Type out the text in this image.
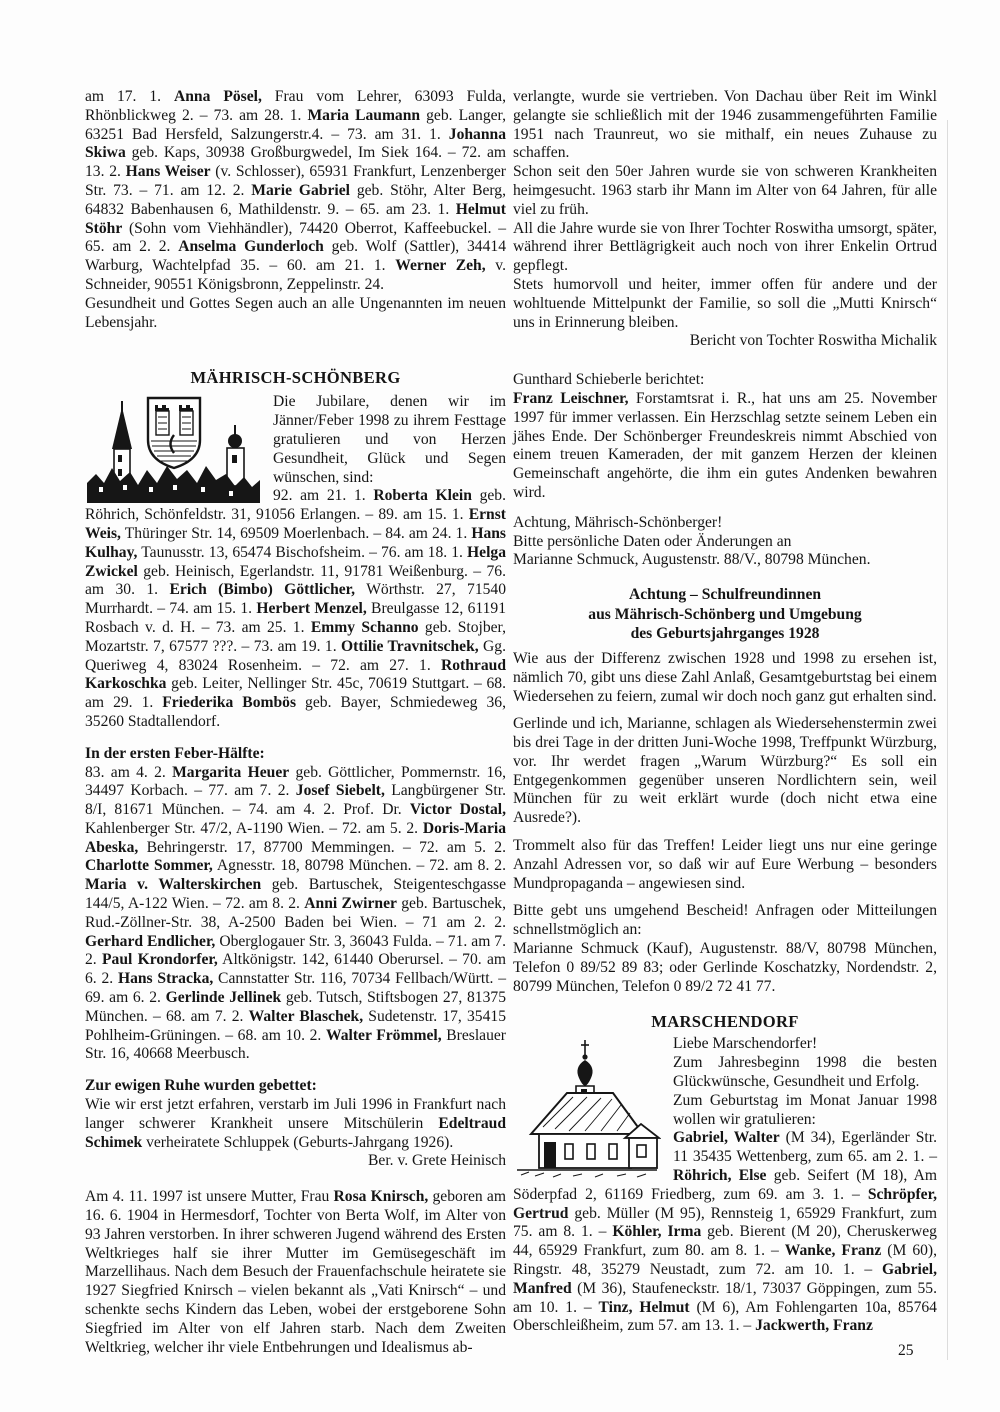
am 17. 1. Anna Pösel, Frau vom Lehrer, 63093 Fulda, Rhönblickweg 2. – 73. am 28. 1. Maria Laumann geb. Langer, 63251 Bad Hersfeld, Salzungerstr.4. – 73. am 31. 1. Johanna Skiwa geb. Kaps, 30938 Großburgwedel, Im Siek 164. – 72. am 13. 2. Hans Weiser (v. Schlosser), 65931 Frankfurt, Lenzenberger Str. 73. – 71. am 12. 2. Marie Gabriel geb. Stöhr, Alter Berg, 64832 Babenhausen 6, Mathildenstr. 9. – 65. am 23. 1. Helmut Stöhr (Sohn vom Viehhändler), 74420 Oberrot, Kaffeebuckel. – 65. am 2. 2. Anselma Gunderloch geb. Wolf (Sattler), 34414 Warburg, Wachtelpfad 35. – 60. am 21. 1. Werner Zeh, v. Schneider, 90551 Königsbronn, Zeppelinstr. 24.

Gesundheit und Gottes Segen auch an alle Ungenannten im neuen Lebensjahr.

MÄHRISCH-SCHÖNBERG

Die Jubilare, denen wir im Jänner/Feber 1998 zu ihrem Festtage gratulieren und von Herzen Gesundheit, Glück und Segen wünschen, sind:

92. am 21. 1. Roberta Klein geb. Röhrich, Schönfeldstr. 31, 91056 Erlangen. – 89. am 15. 1. Ernst Weis, Thüringer Str. 14, 69509 Moerlenbach. – 84. am 24. 1. Hans Kulhay, Taunusstr. 13, 65474 Bischofsheim. – 76. am 18. 1. Helga Zwickel geb. Heinisch, Egerlandstr. 11, 91781 Weißenburg. – 76. am 30. 1. Erich (Bimbo) Göttlicher, Wörthstr. 27, 71540 Murrhardt. – 74. am 15. 1. Herbert Menzel, Breulgasse 12, 61191 Rosbach v. d. H. – 73. am 25. 1. Emmy Schanno geb. Stojber, Mozartstr. 7, 67577 ???. – 73. am 19. 1. Ottilie Travnitschek, Gg. Queriweg 4, 83024 Rosenheim. – 72. am 27. 1. Rothraud Karkoschka geb. Leiter, Nellinger Str. 45c, 70619 Stuttgart. – 68. am 29. 1. Friederika Bombös geb. Bayer, Schmiedeweg 36, 35260 Stadtallendorf.

In der ersten Feber-Hälfte:

83. am 4. 2. Margarita Heuer geb. Göttlicher, Pommernstr. 16, 34497 Korbach. – 77. am 7. 2. Josef Siebelt, Langbürgener Str. 8/I, 81671 München. – 74. am 4. 2. Prof. Dr. Victor Dostal, Kahlenberger Str. 47/2, A-1190 Wien. – 72. am 5. 2. Doris-Maria Abeska, Behringerstr. 17, 87700 Memmingen. – 72. am 5. 2. Charlotte Sommer, Agnesstr. 18, 80798 München. – 72. am 8. 2. Maria v. Walterskirchen geb. Bartuschek, Steigenteschgasse 144/5, A-122 Wien. – 72. am 8. 2. Anni Zwirner geb. Bartuschek, Rud.-Zöllner-Str. 38, A-2500 Baden bei Wien. – 71 am 2. 2. Gerhard Endlicher, Oberglogauer Str. 3, 36043 Fulda. – 71. am 7. 2. Paul Krondorfer, Altkönigstr. 142, 61440 Oberursel. – 70. am 6. 2. Hans Stracka, Cannstatter Str. 116, 70734 Fellbach/Württ. – 69. am 6. 2. Gerlinde Jellinek geb. Tutsch, Stiftsbogen 27, 81375 München. – 68. am 7. 2. Walter Blaschek, Sudetenstr. 17, 35415 Pohlheim-Grüningen. – 68. am 10. 2. Walter Frömmel, Breslauer Str. 16, 40668 Meerbusch.

Zur ewigen Ruhe wurden gebettet:

Wie wir erst jetzt erfahren, verstarb im Juli 1996 in Frankfurt nach langer schwerer Krankheit unsere Mitschülerin Edeltraud Schimek verheiratete Schluppek (Geburts-Jahrgang 1926).

Ber. v. Grete Heinisch

Am 4. 11. 1997 ist unsere Mutter, Frau Rosa Knirsch, geboren am 16. 6. 1904 in Hermesdorf, Tochter von Berta Wolf, im Alter von 93 Jahren verstorben. In ihrer schweren Jugend während des Ersten Weltkrieges half sie ihrer Mutter im Gemüsegeschäft im Marzellihaus. Nach dem Besuch der Frauenfachschule heiratete sie 1927 Siegfried Knirsch – vielen bekannt als „Vati Knirsch“ – und schenkte sechs Kindern das Leben, wobei der erstgeborene Sohn Siegfried im Alter von elf Jahren starb. Nach dem Zweiten Weltkrieg, welcher ihr viele Entbehrungen und Idealismus ab-

verlangte, wurde sie vertrieben. Von Dachau über Reit im Winkl gelangte sie schließlich mit der 1946 zusammengeführten Familie 1951 nach Traunreut, wo sie mithalf, ein neues Zuhause zu schaffen.

Schon seit den 50er Jahren wurde sie von schweren Krankheiten heimgesucht. 1963 starb ihr Mann im Alter von 64 Jahren, für alle viel zu früh.

All die Jahre wurde sie von Ihrer Tochter Roswitha umsorgt, später, während ihrer Bettlägrigkeit auch noch von ihrer Enkelin Ortrud gepflegt.

Stets humorvoll und heiter, immer offen für andere und der wohltuende Mittelpunkt der Familie, so soll die „Mutti Knirsch“ uns in Erinnerung bleiben.

Bericht von Tochter Roswitha Michalik

Gunthard Schieberle berichtet:

Franz Leischner, Forstamtsrat i. R., hat uns am 25. November 1997 für immer verlassen. Ein Herzschlag setzte seinem Leben ein jähes Ende. Der Schönberger Freundeskreis nimmt Abschied von einem treuen Kameraden, der mit ganzem Herzen der kleinen Gemeinschaft angehörte, die ihm ein gutes Andenken bewahren wird.

Achtung, Mährisch-Schönberger!

Bitte persönliche Daten oder Änderungen an

Marianne Schmuck, Augustenstr. 88/V., 80798 München.

Achtung – Schulfreundinnen

aus Mährisch-Schönberg und Umgebung

des Geburtsjahrganges 1928

Wie aus der Differenz zwischen 1928 und 1998 zu ersehen ist, nämlich 70, gibt uns diese Zahl Anlaß, Gesamtgeburtstag bei einem Wiedersehen zu feiern, zumal wir doch noch ganz gut erhalten sind.

Gerlinde und ich, Marianne, schlagen als Wiedersehenstermin zwei bis drei Tage in der dritten Juni-Woche 1998, Treffpunkt Würzburg, vor. Ihr werdet fragen „Warum Würzburg?“ Es soll ein Entgegenkommen gegenüber unseren Nordlichtern sein, weil München für zu weit erklärt wurde (doch nicht etwa eine Ausrede?).

Trommelt also für das Treffen! Leider liegt uns nur eine geringe Anzahl Adressen vor, so daß wir auf Eure Werbung – besonders Mundpropaganda – angewiesen sind.

Bitte gebt uns umgehend Bescheid! Anfragen oder Mitteilungen schnellstmöglich an:

Marianne Schmuck (Kauf), Augustenstr. 88/V, 80798 München, Telefon 0 89/52 89 83; oder Gerlinde Koschatzky, Nordendstr. 2, 80799 München, Telefon 0 89/2 72 41 77.

MARSCHENDORF

Liebe Marschendorfer!

Zum Jahresbeginn 1998 die besten Glückwünsche, Gesundheit und Erfolg.

Zum Geburtstag im Monat Januar 1998 wollen wir gratulieren:

Gabriel, Walter (M 34), Egerländer Str. 11 35435 Wettenberg, zum 65. am 2. 1. – Röhrich, Else geb. Seifert (M 18), Am Söderpfad 2, 61169 Friedberg, zum 69. am 3. 1. – Schröpfer, Gertrud geb. Müller (M 95), Rennsteig 1, 65929 Frankfurt, zum 75. am 8. 1. – Köhler, Irma geb. Bierent (M 20), Cheruskerweg 44, 65929 Frankfurt, zum 80. am 8. 1. – Wanke, Franz (M 60), Ringstr. 48, 35279 Neustadt, zum 72. am 10. 1. – Gabriel, Manfred (M 36), Staufeneckstr. 18/1, 73037 Göppingen, zum 55. am 10. 1. – Tinz, Helmut (M 6), Am Fohlengarten 10a, 85764 Oberschleißheim, zum 57. am 13. 1. – Jackwerth, Franz

25
